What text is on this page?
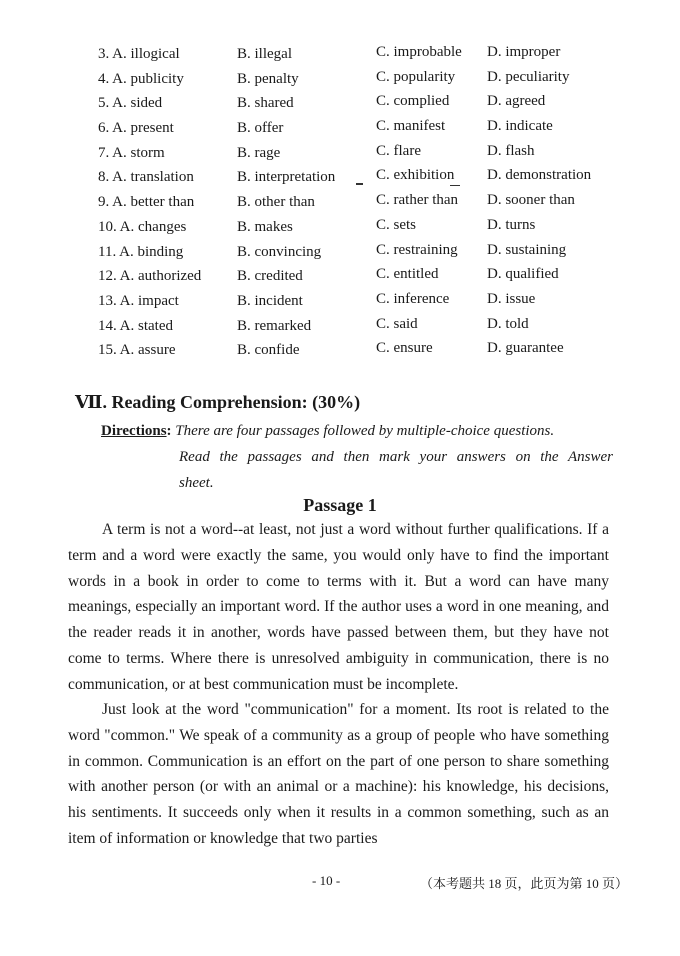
3. A. illogical	B. illegal	C. improbable D. improper
4. A. publicity	B. penalty	C. popularity D. peculiarity
5. A. sided	B. shared	C. complied	D. agreed
6. A. present	B. offer	C. manifest	D. indicate
7. A. storm	B. rage	C. flare	D. flash
8. A. translation	B. interpretation	C. exhibition D. demonstration
9. A. better than	B. other than	C. rather than D. sooner than
10. A. changes	B. makes	C. sets	D. turns
11. A. binding	B. convincing	C. restraining D. sustaining
12. A. authorized B. credited	C. entitled	D. qualified
13. A. impact	B. incident	C. inference	D. issue
14. A. stated	B. remarked	C. said	D. told
15. A. assure	B. confide	C. ensure	D. guarantee
Ⅶ. Reading Comprehension: (30%)
Directions: There are four passages followed by multiple-choice questions.
Read the passages and then mark your answers on the Answer
sheet.
Passage 1

A term is not a word--at least, not just a word without further qualifications. If a term and a word were exactly the same, you would only have to find the important words in a book in order to come to terms with it. But a word can have many meanings, especially an important word. If the author uses a word in one meaning, and the reader reads it in another, words have passed between them, but they have not come to terms. Where there is unresolved ambiguity in communication, there is no communication, or at best communication must be incomplete.

Just look at the word "communication" for a moment. Its root is related to the word "common." We speak of a community as a group of people who have something in common. Communication is an effort on the part of one person to share something with another person (or with an animal or a machine): his knowledge, his decisions, his sentiments. It succeeds only when it results in a common something, such as an item of information or knowledge that two parties

- 10 -	（本考题共 18 页，此页为第 10 页）
